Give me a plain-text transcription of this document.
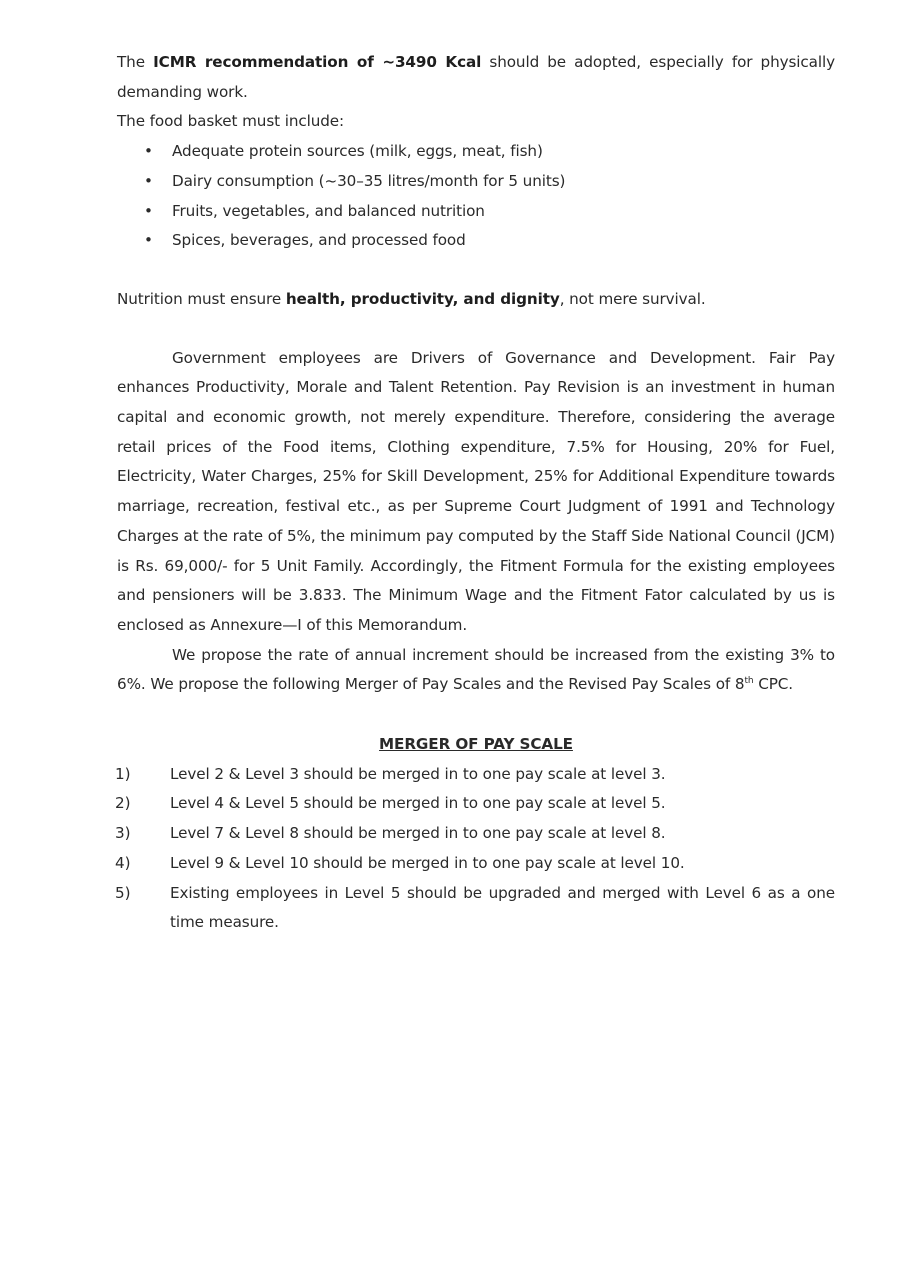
The ICMR recommendation of ~3490 Kcal should be adopted, especially for physically demanding work.

The food basket must include:

• Adequate protein sources (milk, eggs, meat, fish)
• Dairy consumption (~30–35 litres/month for 5 units)
• Fruits, vegetables, and balanced nutrition
• Spices, beverages, and processed food

Nutrition must ensure health, productivity, and dignity, not mere survival.

Government employees are Drivers of Governance and Development. Fair Pay enhances Productivity, Morale and Talent Retention. Pay Revision is an investment in human capital and economic growth, not merely expenditure. Therefore, considering the average retail prices of the Food items, Clothing expenditure, 7.5% for Housing, 20% for Fuel, Electricity, Water Charges, 25% for Skill Development, 25% for Additional Expenditure towards marriage, recreation, festival etc., as per Supreme Court Judgment of 1991 and Technology Charges at the rate of 5%, the minimum pay computed by the Staff Side National Council (JCM) is Rs. 69,000/- for 5 Unit Family. Accordingly, the Fitment Formula for the existing employees and pensioners will be 3.833. The Minimum Wage and the Fitment Fator calculated by us is enclosed as Annexure—I of this Memorandum.

We propose the rate of annual increment should be increased from the existing 3% to 6%. We propose the following Merger of Pay Scales and the Revised Pay Scales of 8th CPC.

MERGER OF PAY SCALE

1)	Level 2 & Level 3 should be merged in to one pay scale at level 3.
2)	Level 4 & Level 5 should be merged in to one pay scale at level 5.
3)	Level 7 & Level 8 should be merged in to one pay scale at level 8.
4)	Level 9 & Level 10 should be merged in to one pay scale at level 10.
5)	Existing employees in Level 5 should be upgraded and merged with Level 6 as a one time measure.
